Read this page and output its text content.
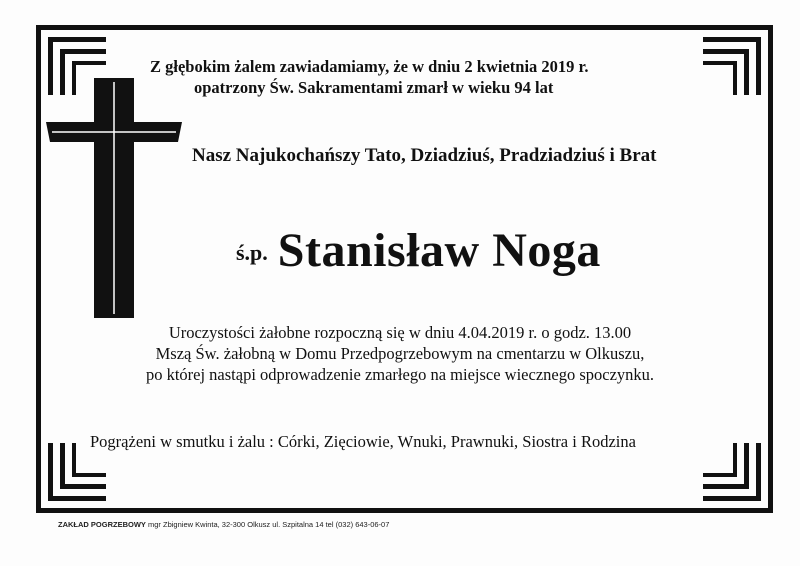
Z głębokim żalem zawiadamiamy, że w dniu 2 kwietnia 2019 r.
opatrzony Św. Sakramentami zmarł w wieku 94 lat
Nasz Najukochańszy Tato, Dziadziuś, Pradziadziuś i Brat
ś.p. Stanisław Noga
Uroczystości żałobne rozpoczną się w dniu 4.04.2019 r. o godz. 13.00
Mszą Św. żałobną w Domu Przedpogrzebowym na cmentarzu w Olkuszu,
po której nastąpi odprowadzenie zmarłego na miejsce wiecznego spoczynku.
Pogrążeni w smutku i żalu : Córki, Zięciowie, Wnuki, Prawnuki, Siostra i Rodzina
ZAKŁAD POGRZEBOWY mgr Zbigniew Kwinta, 32-300 Olkusz ul. Szpitalna 14 tel (032) 643-06-07
